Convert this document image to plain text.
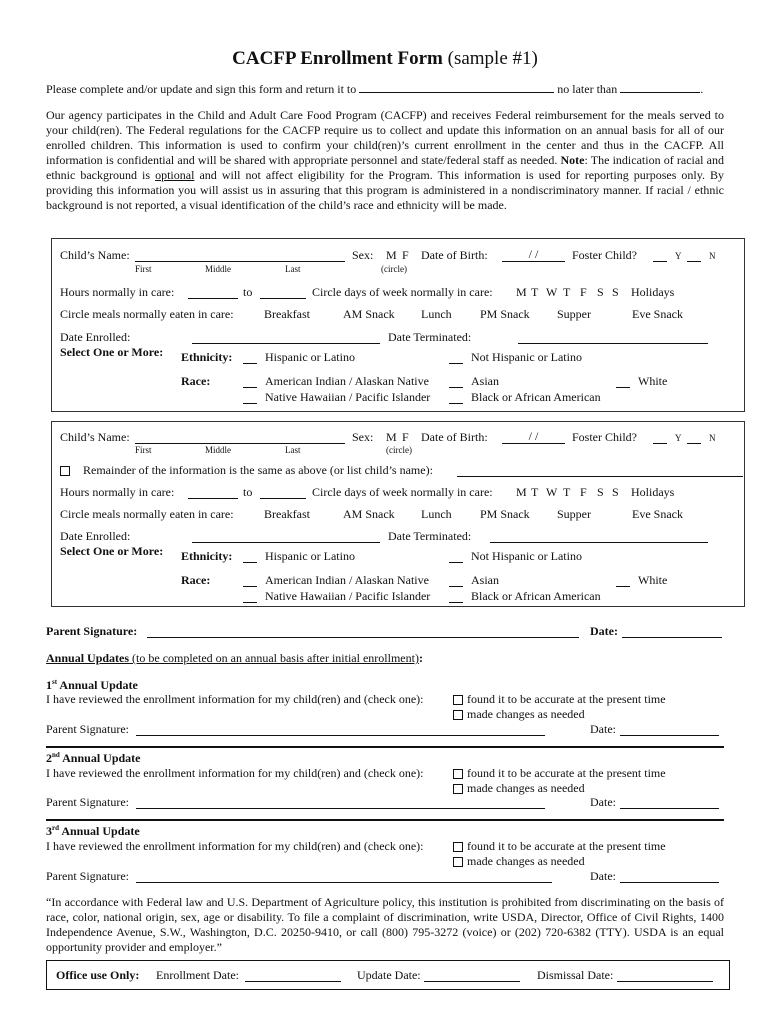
CACFP Enrollment Form (sample #1)
Please complete and/or update and sign this form and return it to	no later than	.
Our agency participates in the Child and Adult Care Food Program (CACFP) and receives Federal reimbursement for the meals served to your child(ren). The Federal regulations for the CACFP require us to collect and update this information on an annual basis for all of our enrolled children. This information is used to confirm your child(ren)’s current enrollment in the center and thus in the CACFP. All information is confidential and will be shared with appropriate personnel and state/federal staff as needed. Note: The indication of racial and ethnic background is optional and will not affect eligibility for the Program. This information is used for reporting purposes only. By providing this information you will assist us in assuring that this program is administered in a nondiscriminatory manner. If racial / ethnic background is not reported, a visual identification of the child’s race and ethnicity will be made.
Child’s Name:
First	Middle	Last
Sex: M F
(circle)
Date of Birth:	/ /	Foster Child?	Y	N
Hours normally in care:	to	Circle days of week normally in care: M T W T F S S Holidays
Circle meals normally eaten in care:	Breakfast	AM Snack Lunch PM Snack Supper	Eve Snack
Date Enrolled:	Date Terminated:
Select One or More: Ethnicity:	Hispanic or Latino	Not Hispanic or Latino
Race:	American Indian / Alaskan Native	Asian	White
Native Hawaiian / Pacific Islander	Black or African American
Child’s Name:
First	Middle	Last
Sex: M F
(circle)
Date of Birth:	/ /	Foster Child?	Y	N
Remainder of the information is the same as above (or list child’s name):
Hours normally in care:	to	Circle days of week normally in care: M T W T F S S Holidays
Circle meals normally eaten in care:	Breakfast	AM Snack Lunch PM Snack Supper	Eve Snack
Date Enrolled:	Date Terminated:
Select One or More: Ethnicity:	Hispanic or Latino	Not Hispanic or Latino
Race:	American Indian / Alaskan Native	Asian	White
Native Hawaiian / Pacific Islander	Black or African American
Parent Signature:	Date:
Annual Updates (to be completed on an annual basis after initial enrollment):
1st Annual Update
I have reviewed the enrollment information for my child(ren) and (check one):	found it to be accurate at the present time
made changes as needed
Parent Signature:	Date:
2nd Annual Update
I have reviewed the enrollment information for my child(ren) and (check one):	found it to be accurate at the present time
made changes as needed
Parent Signature:	Date:
3rd Annual Update
I have reviewed the enrollment information for my child(ren) and (check one):	found it to be accurate at the present time
made changes as needed
Parent Signature:	Date:
“In accordance with Federal law and U.S. Department of Agriculture policy, this institution is prohibited from discriminating on the basis of race, color, national origin, sex, age or disability. To file a complaint of discrimination, write USDA, Director, Office of Civil Rights, 1400 Independence Avenue, S.W., Washington, D.C. 20250-9410, or call (800) 795-3272 (voice) or (202) 720-6382 (TTY). USDA is an equal opportunity provider and employer.”
Office use Only: Enrollment Date:	Update Date:	Dismissal Date:
